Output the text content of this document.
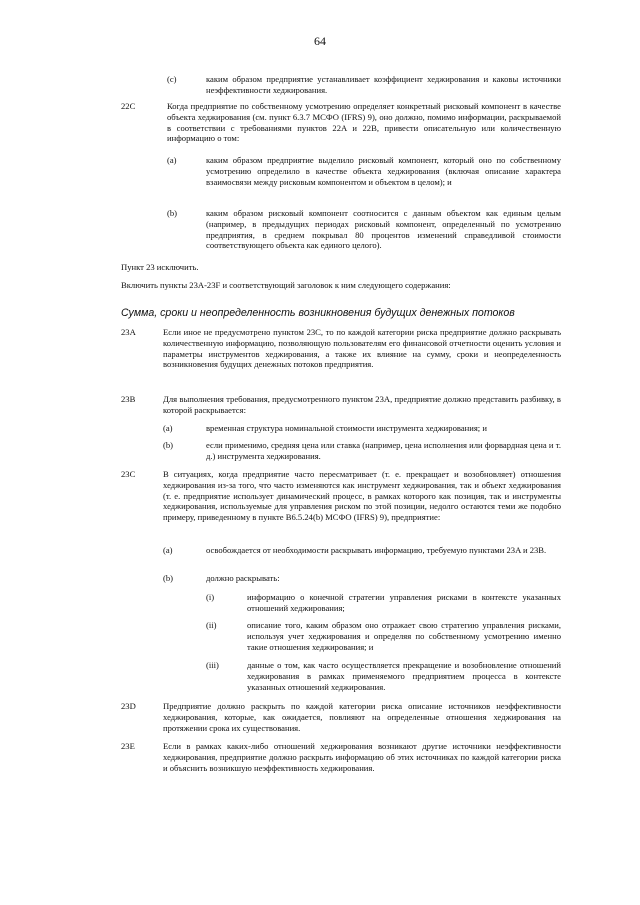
64
(c)	каким образом предприятие устанавливает коэффициент хеджирования и каковы источники неэффективности хеджирования.
22C	Когда предприятие по собственному усмотрению определяет конкретный рисковый компонент в качестве объекта хеджирования (см. пункт 6.3.7 МСФО (IFRS) 9), оно должно, помимо информации, раскрываемой в соответствии с требованиями пунктов 22A и 22B, привести описательную или количественную информацию о том:
(a)	каким образом предприятие выделило рисковый компонент, который оно по собственному усмотрению определило в качестве объекта хеджирования (включая описание характера взаимосвязи между рисковым компонентом и объектом в целом); и
(b)	каким образом рисковый компонент соотносится с данным объектом как единым целым (например, в предыдущих периодах рисковый компонент, определенный по усмотрению предприятия, в среднем покрывал 80 процентов изменений справедливой стоимости соответствующего объекта как единого целого).
Пункт 23 исключить.
Включить пункты 23A-23F и соответствующий заголовок к ним следующего содержания:
Сумма, сроки и неопределенность возникновения будущих денежных потоков
23A	Если иное не предусмотрено пунктом 23C, то по каждой категории риска предприятие должно раскрывать количественную информацию, позволяющую пользователям его финансовой отчетности оценить условия и параметры инструментов хеджирования, а также их влияние на сумму, сроки и неопределенность возникновения будущих денежных потоков предприятия.
23B	Для выполнения требования, предусмотренного пунктом 23A, предприятие должно представить разбивку, в которой раскрывается:
(a)	временная структура номинальной стоимости инструмента хеджирования; и
(b)	если применимо, средняя цена или ставка (например, цена исполнения или форвардная цена и т. д.) инструмента хеджирования.
23C	В ситуациях, когда предприятие часто пересматривает (т. е. прекращает и возобновляет) отношения хеджирования из-за того, что часто изменяются как инструмент хеджирования, так и объект хеджирования (т. е. предприятие использует динамический процесс, в рамках которого как позиция, так и инструменты хеджирования, используемые для управления риском по этой позиции, недолго остаются теми же подобно примеру, приведенному в пункте B6.5.24(b) МСФО (IFRS) 9), предприятие:
(a)	освобождается от необходимости раскрывать информацию, требуемую пунктами 23A и 23B.
(b)	должно раскрывать:
(i)	информацию о конечной стратегии управления рисками в контексте указанных отношений хеджирования;
(ii)	описание того, каким образом оно отражает свою стратегию управления рисками, используя учет хеджирования и определяя по собственному усмотрению именно такие отношения хеджирования; и
(iii)	данные о том, как часто осуществляется прекращение и возобновление отношений хеджирования в рамках применяемого предприятием процесса в контексте указанных отношений хеджирования.
23D	Предприятие должно раскрыть по каждой категории риска описание источников неэффективности хеджирования, которые, как ожидается, повлияют на определенные отношения хеджирования на протяжении срока их существования.
23E	Если в рамках каких-либо отношений хеджирования возникают другие источники неэффективности хеджирования, предприятие должно раскрыть информацию об этих источниках по каждой категории риска и объяснить возникшую неэффективность хеджирования.
